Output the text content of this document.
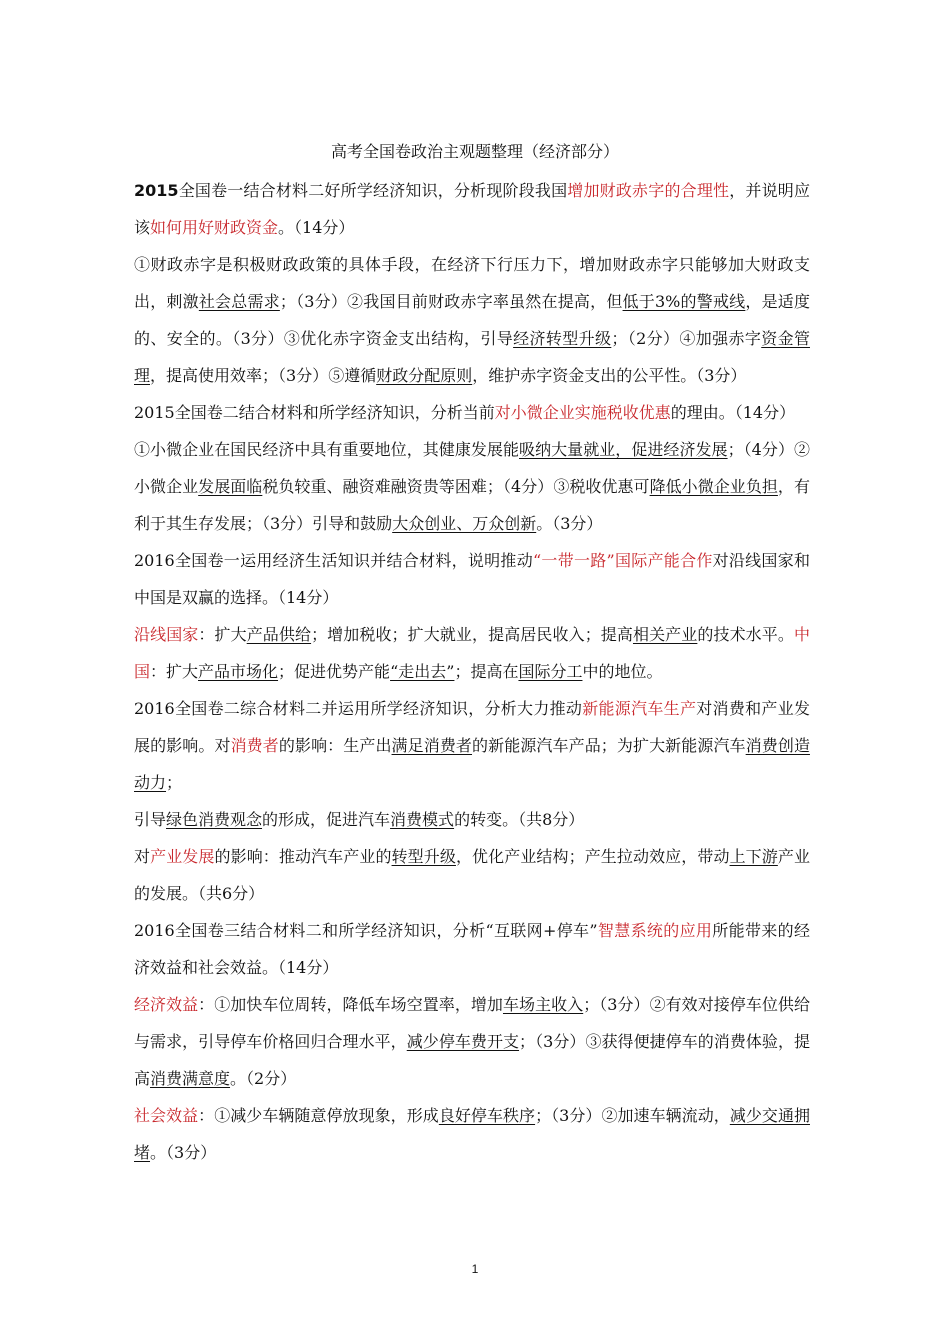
高考全国卷政治主观题整理（经济部分）

2015全国卷一结合材料二好所学经济知识，分析现阶段我国增加财政赤字的合理性，并说明应该如何用好财政资金。（14分）

①财政赤字是积极财政政策的具体手段，在经济下行压力下，增加财政赤字只能够加大财政支出，刺激社会总需求；（3分）②我国目前财政赤字率虽然在提高，但低于3%的警戒线，是适度的、安全的。（3分）③优化赤字资金支出结构，引导经济转型升级；（2分）④加强赤字资金管理，提高使用效率；（3分）⑤遵循财政分配原则，维护赤字资金支出的公平性。（3分）

2015全国卷二结合材料和所学经济知识，分析当前对小微企业实施税收优惠的理由。（14分）

①小微企业在国民经济中具有重要地位，其健康发展能吸纳大量就业，促进经济发展；（4分）②小微企业发展面临税负较重、融资难融资贵等困难；（4分）③税收优惠可降低小微企业负担，有利于其生存发展；（3分）引导和鼓励大众创业、万众创新。（3分）

2016全国卷一运用经济生活知识并结合材料，说明推动“一带一路”国际产能合作对沿线国家和中国是双赢的选择。（14分）

沿线国家：扩大产品供给；增加税收；扩大就业，提高居民收入；提高相关产业的技术水平。中国：扩大产品市场化；促进优势产能“走出去”；提高在国际分工中的地位。

2016全国卷二综合材料二并运用所学经济知识，分析大力推动新能源汽车生产对消费和产业发展的影响。对消费者的影响：生产出满足消费者的新能源汽车产品；为扩大新能源汽车消费创造动力；

引导绿色消费观念的形成，促进汽车消费模式的转变。（共8分）

对产业发展的影响：推动汽车产业的转型升级，优化产业结构；产生拉动效应，带动上下游产业的发展。（共6分）

2016全国卷三结合材料二和所学经济知识，分析“互联网+停车”智慧系统的应用所能带来的经济效益和社会效益。（14分）

经济效益：①加快车位周转，降低车场空置率，增加车场主收入；（3分）②有效对接停车位供给与需求，引导停车价格回归合理水平，减少停车费开支；（3分）③获得便捷停车的消费体验，提高消费满意度。（2分）

社会效益：①减少车辆随意停放现象，形成良好停车秩序；（3分）②加速车辆流动，减少交通拥堵。（3分）

1
